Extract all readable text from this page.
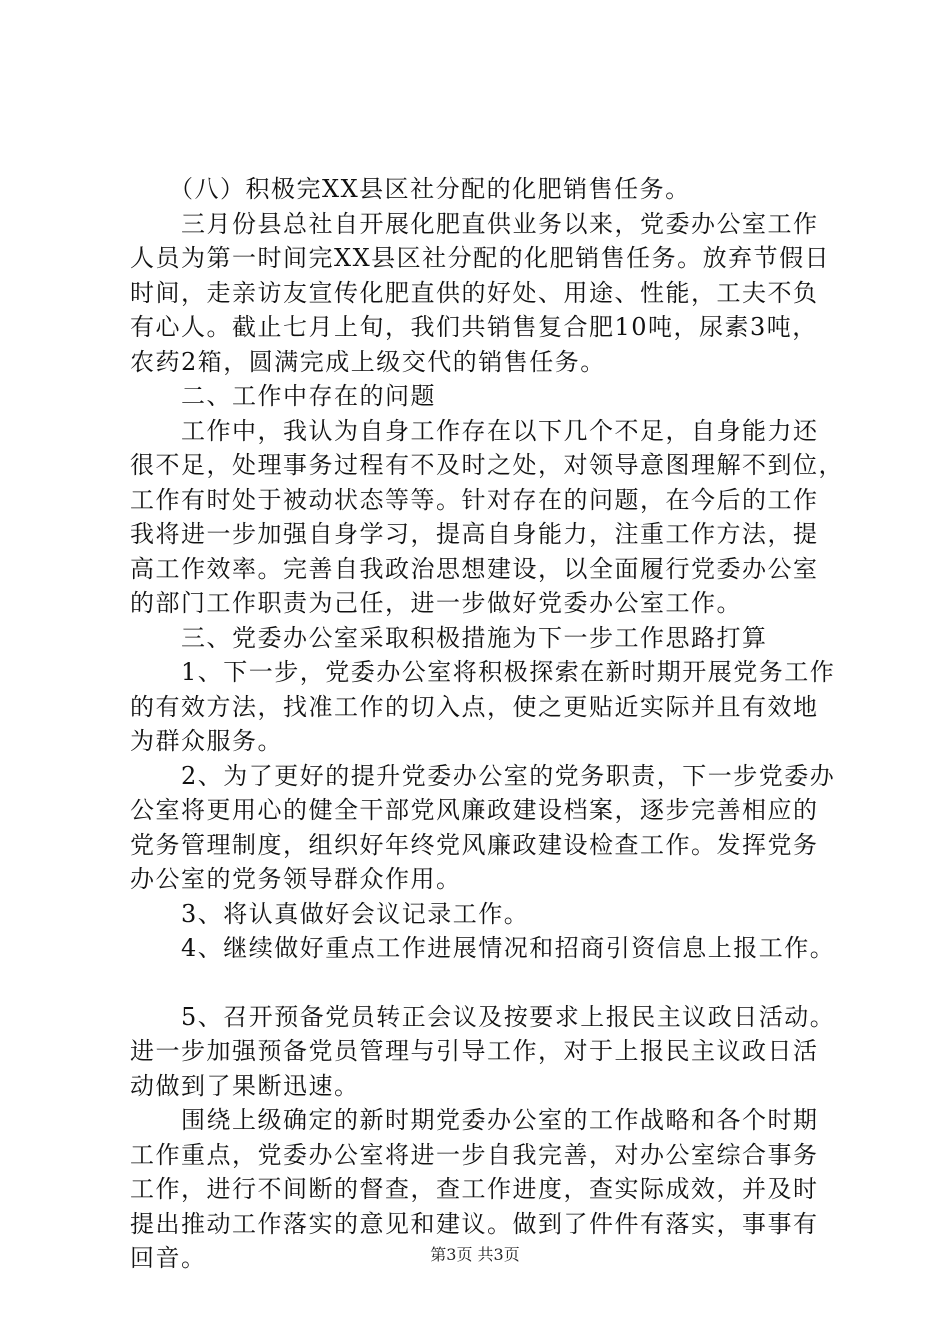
　　（八）积极完XX县区社分配的化肥销售任务。

　　三月份县总社自开展化肥直供业务以来，党委办公室工作

人员为第一时间完XX县区社分配的化肥销售任务。放弃节假日

时间，走亲访友宣传化肥直供的好处、用途、性能，工夫不负

有心人。截止七月上旬，我们共销售复合肥10吨，尿素3吨，

农药2箱，圆满完成上级交代的销售任务。

　　二、工作中存在的问题

　　工作中，我认为自身工作存在以下几个不足，自身能力还

很不足，处理事务过程有不及时之处，对领导意图理解不到位，

工作有时处于被动状态等等。针对存在的问题，在今后的工作

我将进一步加强自身学习，提高自身能力，注重工作方法，提

高工作效率。完善自我政治思想建设，以全面履行党委办公室

的部门工作职责为己任，进一步做好党委办公室工作。

　　三、党委办公室采取积极措施为下一步工作思路打算

　　1、下一步，党委办公室将积极探索在新时期开展党务工作

的有效方法，找准工作的切入点，使之更贴近实际并且有效地

为群众服务。

　　2、为了更好的提升党委办公室的党务职责，下一步党委办

公室将更用心的健全干部党风廉政建设档案，逐步完善相应的

党务管理制度，组织好年终党风廉政建设检查工作。发挥党务

办公室的党务领导群众作用。

　　3、将认真做好会议记录工作。

　　4、继续做好重点工作进展情况和招商引资信息上报工作。

　　5、召开预备党员转正会议及按要求上报民主议政日活动。

进一步加强预备党员管理与引导工作，对于上报民主议政日活

动做到了果断迅速。

　　围绕上级确定的新时期党委办公室的工作战略和各个时期

工作重点，党委办公室将进一步自我完善，对办公室综合事务

工作，进行不间断的督查，查工作进度，查实际成效，并及时

提出推动工作落实的意见和建议。做到了件件有落实，事事有

回音。	第3页 共3页
